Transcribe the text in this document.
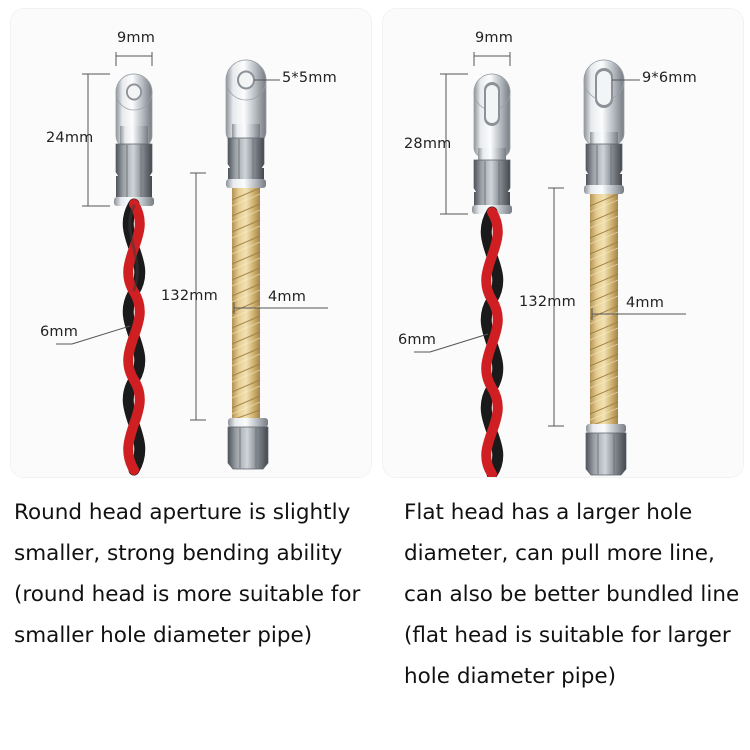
9mm
24mm
5*5mm
132mm	4mm
6mm
9mm
28mm
9*6mm
132mm	4mm
6mm
Round head aperture is slightly smaller, strong bending ability (round head is more suitable for smaller hole diameter pipe)
Flat head has a larger hole diameter, can pull more line, can also be better bundled line (flat head is suitable for larger hole diameter pipe)
